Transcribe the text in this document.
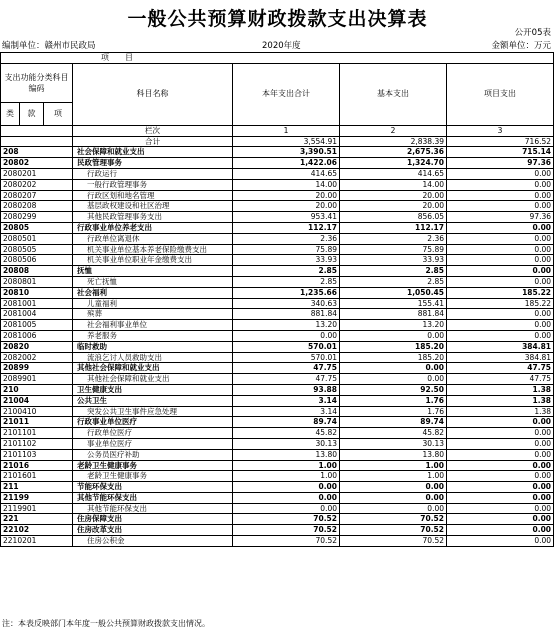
一般公共预算财政拨款支出决算表
公开05表
编制单位：赣州市民政局	2020年度	金额单位：万元
项　　目						
支出功能分类科目编码			科目名称	本年支出合计	基本支出	项目支出
类	款	项				
			栏次	1	2	3
			合计	3,554.91	2,838.39	716.52
208			社会保障和就业支出	3,390.51	2,675.36	715.14
20802			民政管理事务	1,422.06	1,324.70	97.36
2080201			行政运行	414.65	414.65	0.00
2080202			一般行政管理事务	14.00	14.00	0.00
2080207			行政区划和地名管理	20.00	20.00	0.00
2080208			基层政权建设和社区治理	20.00	20.00	0.00
2080299			其他民政管理事务支出	953.41	856.05	97.36
20805			行政事业单位养老支出	112.17	112.17	0.00
2080501			行政单位离退休	2.36	2.36	0.00
2080505			机关事业单位基本养老保险缴费支出	75.89	75.89	0.00
2080506			机关事业单位职业年金缴费支出	33.93	33.93	0.00
20808			抚恤	2.85	2.85	0.00
2080801			死亡抚恤	2.85	2.85	0.00
20810			社会福利	1,235.66	1,050.45	185.22
2081001			儿童福利	340.63	155.41	185.22
2081004			殡葬	881.84	881.84	0.00
2081005			社会福利事业单位	13.20	13.20	0.00
2081006			养老服务	0.00	0.00	0.00
20820			临时救助	570.01	185.20	384.81
2082002			流浪乞讨人员救助支出	570.01	185.20	384.81
20899			其他社会保障和就业支出	47.75	0.00	47.75
2089901			其他社会保障和就业支出	47.75	0.00	47.75
210			卫生健康支出	93.88	92.50	1.38
21004			公共卫生	3.14	1.76	1.38
2100410			突发公共卫生事件应急处理	3.14	1.76	1.38
21011			行政事业单位医疗	89.74	89.74	0.00
2101101			行政单位医疗	45.82	45.82	0.00
2101102			事业单位医疗	30.13	30.13	0.00
2101103			公务员医疗补助	13.80	13.80	0.00
21016			老龄卫生健康事务	1.00	1.00	0.00
2101601			老龄卫生健康事务	1.00	1.00	0.00
211			节能环保支出	0.00	0.00	0.00
21199			其他节能环保支出	0.00	0.00	0.00
2119901			其他节能环保支出	0.00	0.00	0.00
221			住房保障支出	70.52	70.52	0.00
22102			住房改革支出	70.52	70.52	0.00
2210201			住房公积金	70.52	70.52	0.00
注：本表反映部门本年度一般公共预算财政拨款支出情况。
